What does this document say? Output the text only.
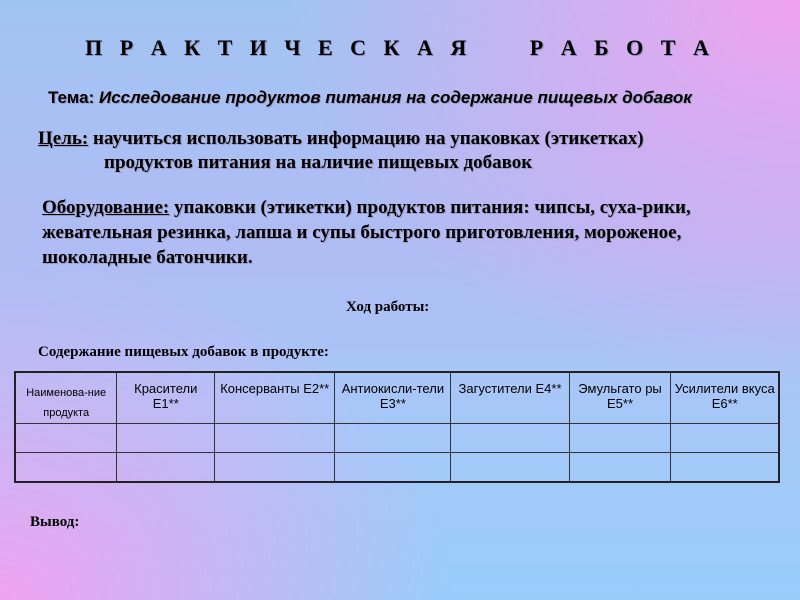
П Р А К Т И Ч Е С К А Я     Р А Б О Т А
Тема: Исследование продуктов питания на содержание пищевых добавок
Цель: научиться использовать информацию на упаковках (этикетках)
продуктов питания на наличие пищевых добавок
Оборудование: упаковки (этикетки) продуктов питания: чипсы, суха-рики, жевательная резинка, лапша и супы быстрого приготовления, мороженое, шоколадные батончики.
Ход работы:
Содержание пищевых добавок в продукте:
Наименова-ние продукта	Красители Е1**	Консерванты Е2**	Антиокисли-тели Е3**	Загустители Е4**	Эмульгато ры Е5**	Усилители вкуса Е6**

Вывод:
